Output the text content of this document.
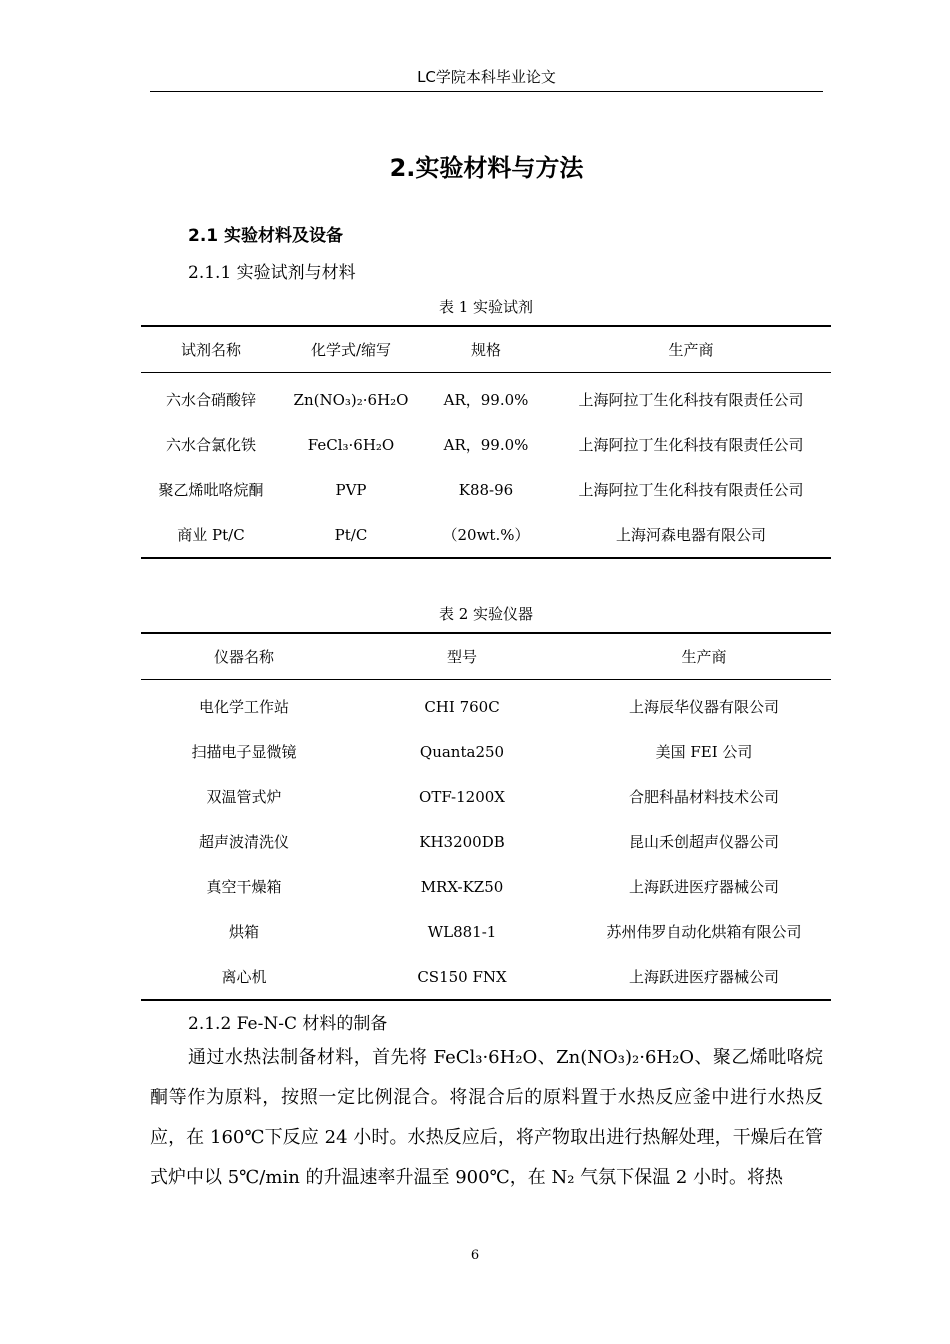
LC学院本科毕业论文
2.实验材料与方法
2.1 实验材料及设备
2.1.1 实验试剂与材料
表 1 实验试剂
试剂名称	化学式/缩写	规格	生产商
六水合硝酸锌	Zn(NO₃)₂·6H₂O	AR，99.0%	上海阿拉丁生化科技有限责任公司
六水合氯化铁	FeCl₃·6H₂O	AR，99.0%	上海阿拉丁生化科技有限责任公司
聚乙烯吡咯烷酮	PVP	K88-96	上海阿拉丁生化科技有限责任公司
商业 Pt/C	Pt/C	（20wt.%）	上海河森电器有限公司
表 2 实验仪器
仪器名称	型号	生产商
电化学工作站	CHI 760C	上海辰华仪器有限公司
扫描电子显微镜	Quanta250	美国 FEI 公司
双温管式炉	OTF-1200X	合肥科晶材料技术公司
超声波清洗仪	KH3200DB	昆山禾创超声仪器公司
真空干燥箱	MRX-KZ50	上海跃进医疗器械公司
烘箱	WL881-1	苏州伟罗自动化烘箱有限公司
离心机	CS150 FNX	上海跃进医疗器械公司
2.1.2 Fe-N-C 材料的制备
通过水热法制备材料，首先将 FeCl₃·6H₂O、Zn(NO₃)₂·6H₂O、聚乙烯吡咯烷酮等作为原料，按照一定比例混合。将混合后的原料置于水热反应釜中进行水热反应，在 160℃下反应 24 小时。水热反应后，将产物取出进行热解处理，干燥后在管式炉中以 5℃/min 的升温速率升温至 900℃，在 N₂ 气氛下保温 2 小时。将热
6
